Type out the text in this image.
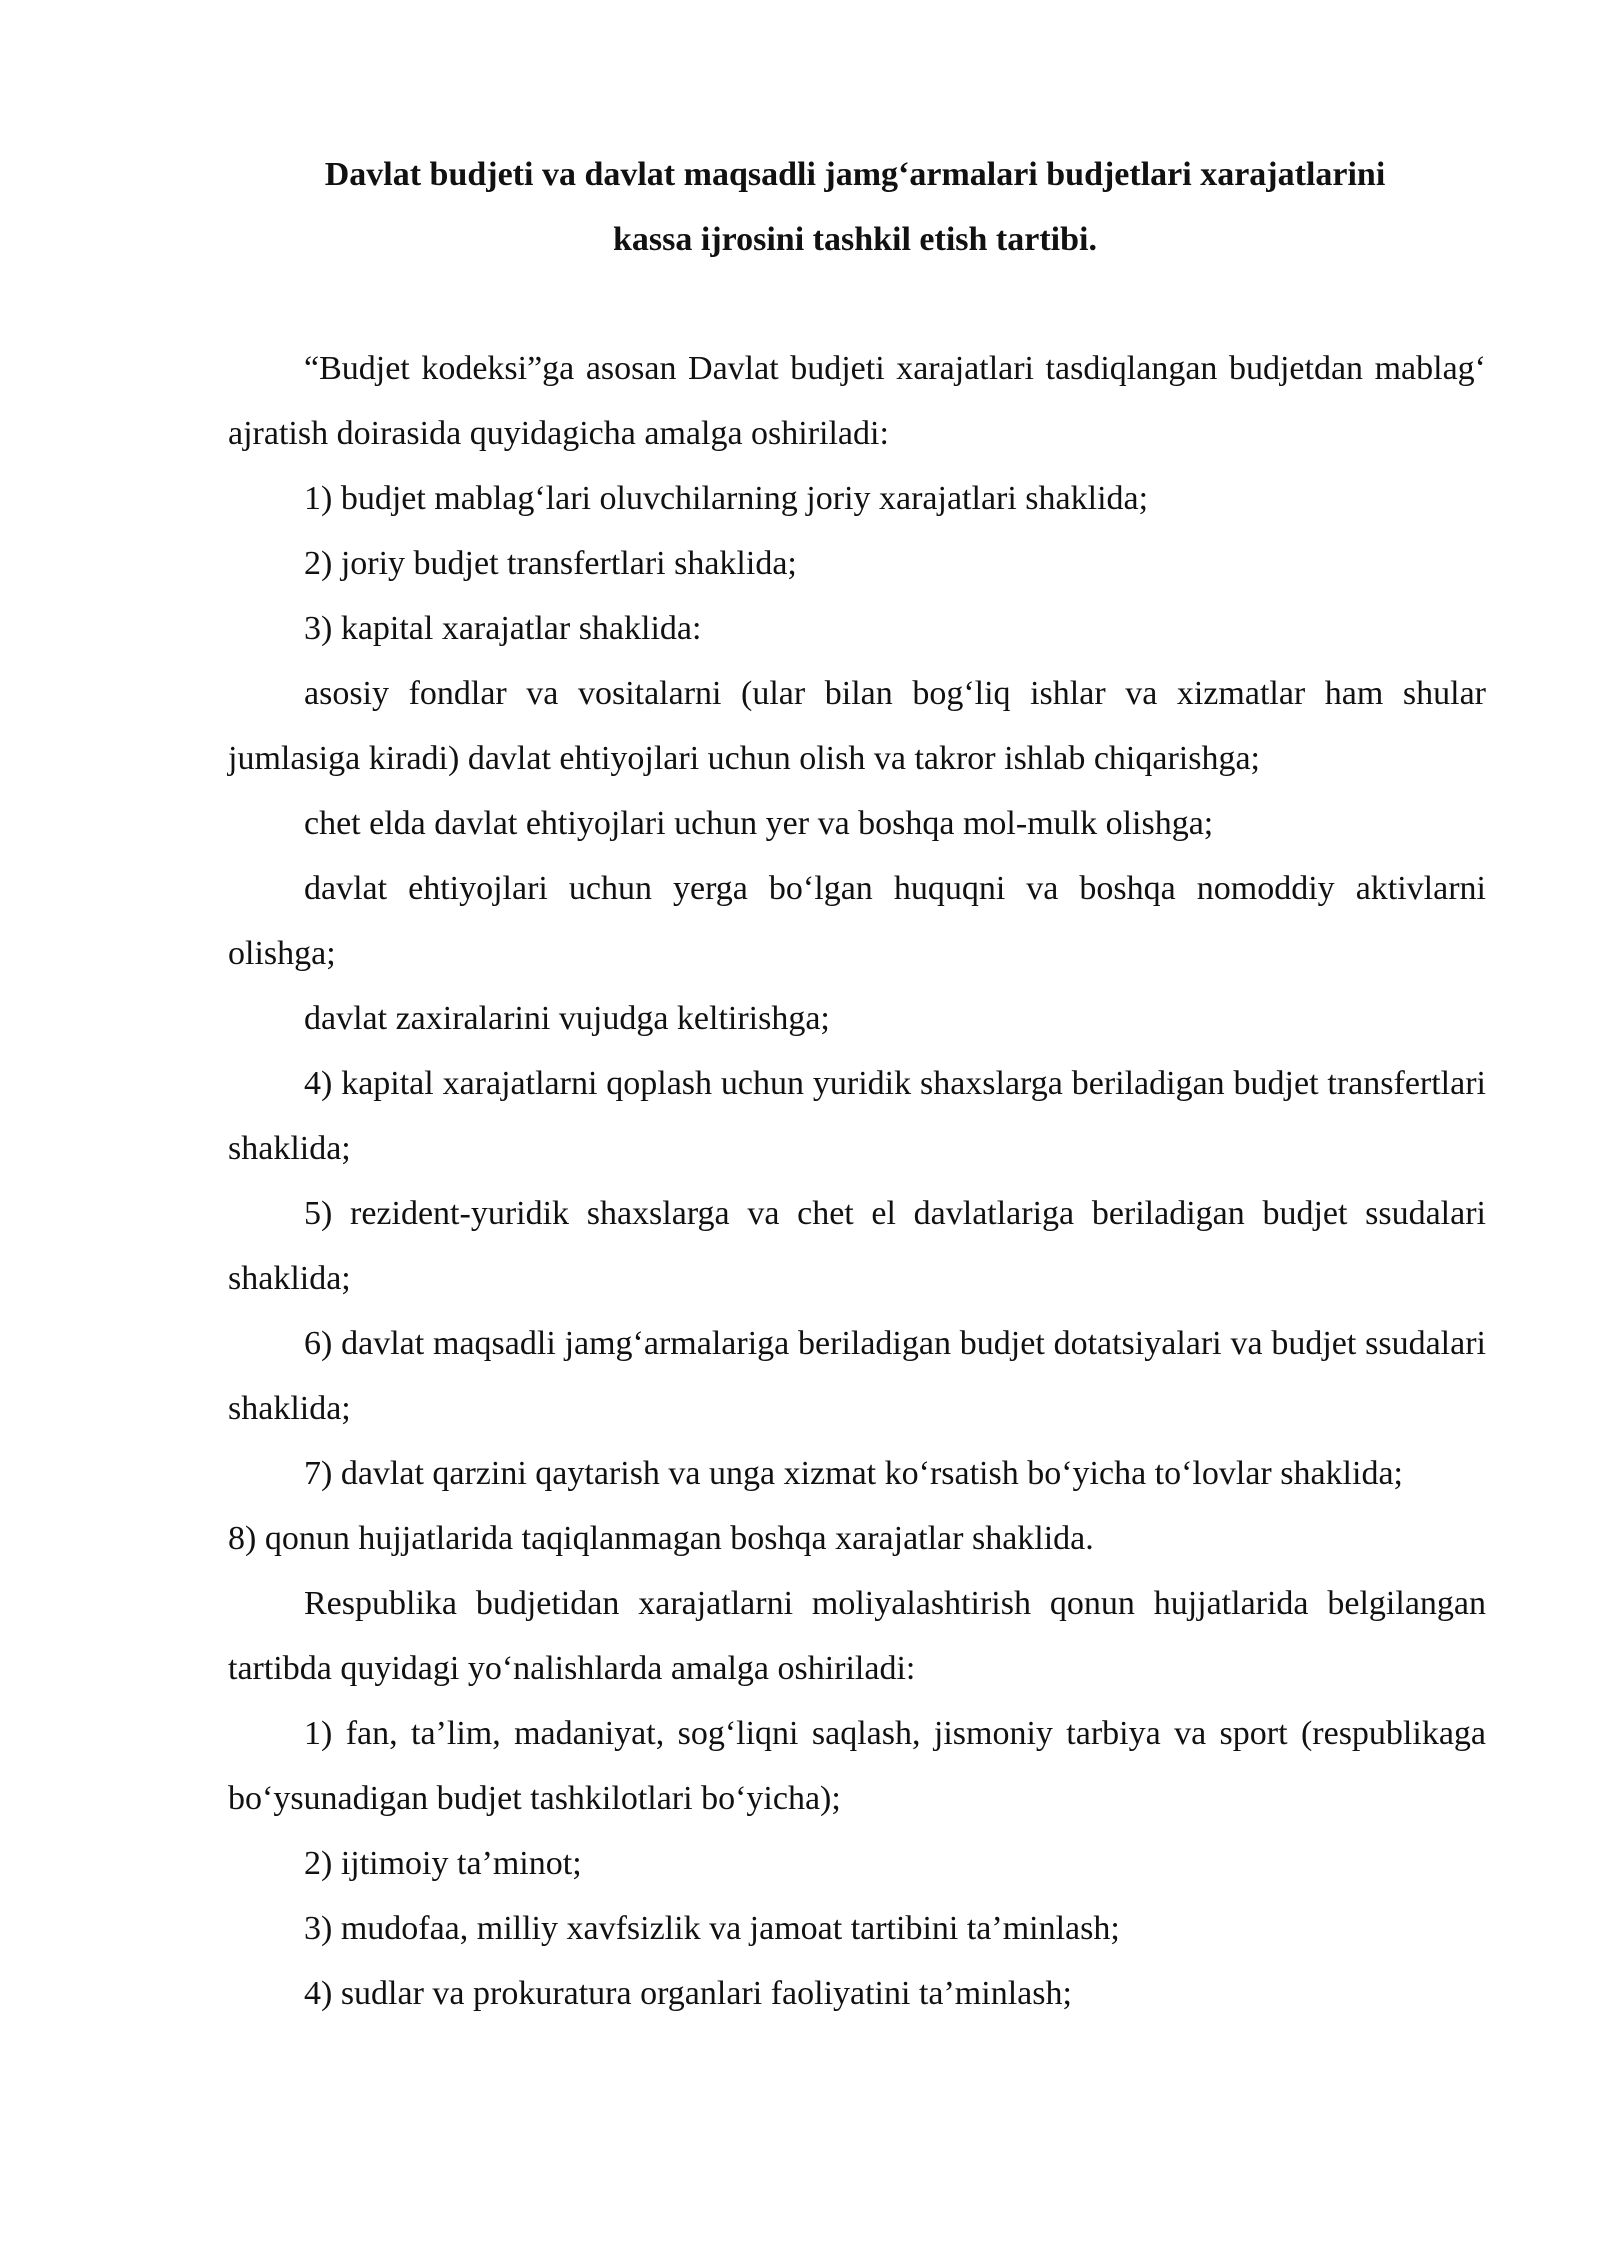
Davlat budjeti va davlat maqsadli jamg‘armalari budjetlari xarajatlarini
kassa ijrosini tashkil etish tartibi.

“Budjet kodeksi”ga asosan Davlat budjeti xarajatlari tasdiqlangan budjetdan mablag‘ ajratish doirasida quyidagicha amalga oshiriladi:

1) budjet mablag‘lari oluvchilarning joriy xarajatlari shaklida;

2) joriy budjet transfertlari shaklida;

3) kapital xarajatlar shaklida:

asosiy fondlar va vositalarni (ular bilan bog‘liq ishlar va xizmatlar ham shular jumlasiga kiradi) davlat ehtiyojlari uchun olish va takror ishlab chiqarishga;

chet elda davlat ehtiyojlari uchun yer va boshqa mol-mulk olishga;

davlat ehtiyojlari uchun yerga bo‘lgan huquqni va boshqa nomoddiy aktivlarni olishga;

davlat zaxiralarini vujudga keltirishga;

4) kapital xarajatlarni qoplash uchun yuridik shaxslarga beriladigan budjet transfertlari shaklida;

5) rezident-yuridik shaxslarga va chet el davlatlariga beriladigan budjet ssudalari shaklida;

6) davlat maqsadli jamg‘armalariga beriladigan budjet dotatsiyalari va budjet ssudalari shaklida;

7) davlat qarzini qaytarish va unga xizmat ko‘rsatish bo‘yicha to‘lovlar shaklida;

8) qonun hujjatlarida taqiqlanmagan boshqa xarajatlar shaklida.

Respublika budjetidan xarajatlarni moliyalashtirish qonun hujjatlarida belgilangan tartibda quyidagi yo‘nalishlarda amalga oshiriladi:

1) fan, ta’lim, madaniyat, sog‘liqni saqlash, jismoniy tarbiya va sport (respublikaga bo‘ysunadigan budjet tashkilotlari bo‘yicha);

2) ijtimoiy ta’minot;

3) mudofaa, milliy xavfsizlik va jamoat tartibini ta’minlash;

4) sudlar va prokuratura organlari faoliyatini ta’minlash;
